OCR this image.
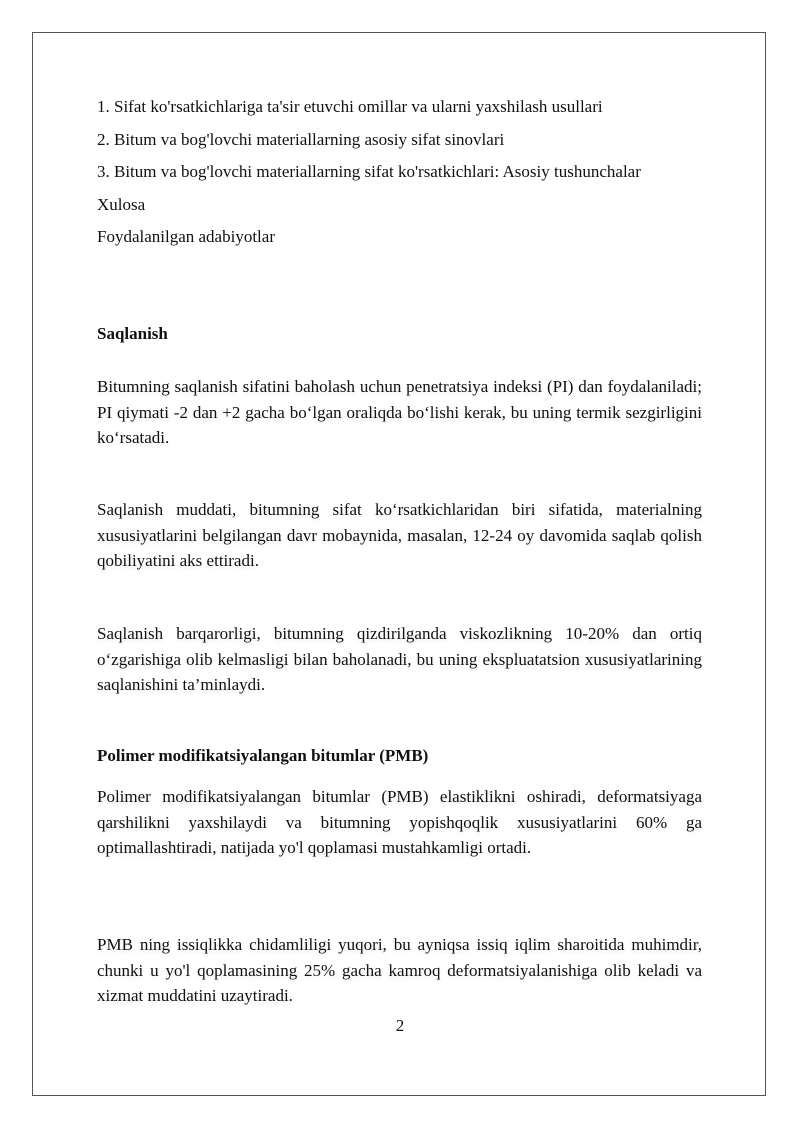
1. Sifat ko'rsatkichlariga ta'sir etuvchi omillar va ularni yaxshilash usullari
2. Bitum va bog'lovchi materiallarning asosiy sifat sinovlari
3. Bitum va bog'lovchi materiallarning sifat ko'rsatkichlari: Asosiy tushunchalar
Xulosa
Foydalanilgan adabiyotlar
Saqlanish

Bitumning saqlanish sifatini baholash uchun penetratsiya indeksi (PI) dan foydalaniladi; PI qiymati -2 dan +2 gacha bo‘lgan oraliqda bo‘lishi kerak, bu uning termik sezgirligini ko‘rsatadi.

Saqlanish muddati, bitumning sifat ko‘rsatkichlaridan biri sifatida, materialning xususiyatlarini belgilangan davr mobaynida, masalan, 12-24 oy davomida saqlab qolish qobiliyatini aks ettiradi.

Saqlanish barqarorligi, bitumning qizdirilganda viskozlikning 10-20% dan ortiq o‘zgarishiga olib kelmasligi bilan baholanadi, bu uning ekspluatatsion xususiyatlarining saqlanishini ta’minlaydi.

Polimer modifikatsiyalangan bitumlar (PMB)

Polimer modifikatsiyalangan bitumlar (PMB) elastiklikni oshiradi, deformatsiyaga qarshilikni yaxshilaydi va bitumning yopishqoqlik xususiyatlarini 60% ga optimallashtiradi, natijada yo'l qoplamasi mustahkamligi ortadi.

PMB ning issiqlikka chidamliligi yuqori, bu ayniqsa issiq iqlim sharoitida muhimdir, chunki u yo'l qoplamasining 25% gacha kamroq deformatsiyalanishiga olib keladi va xizmat muddatini uzaytiradi.

2
